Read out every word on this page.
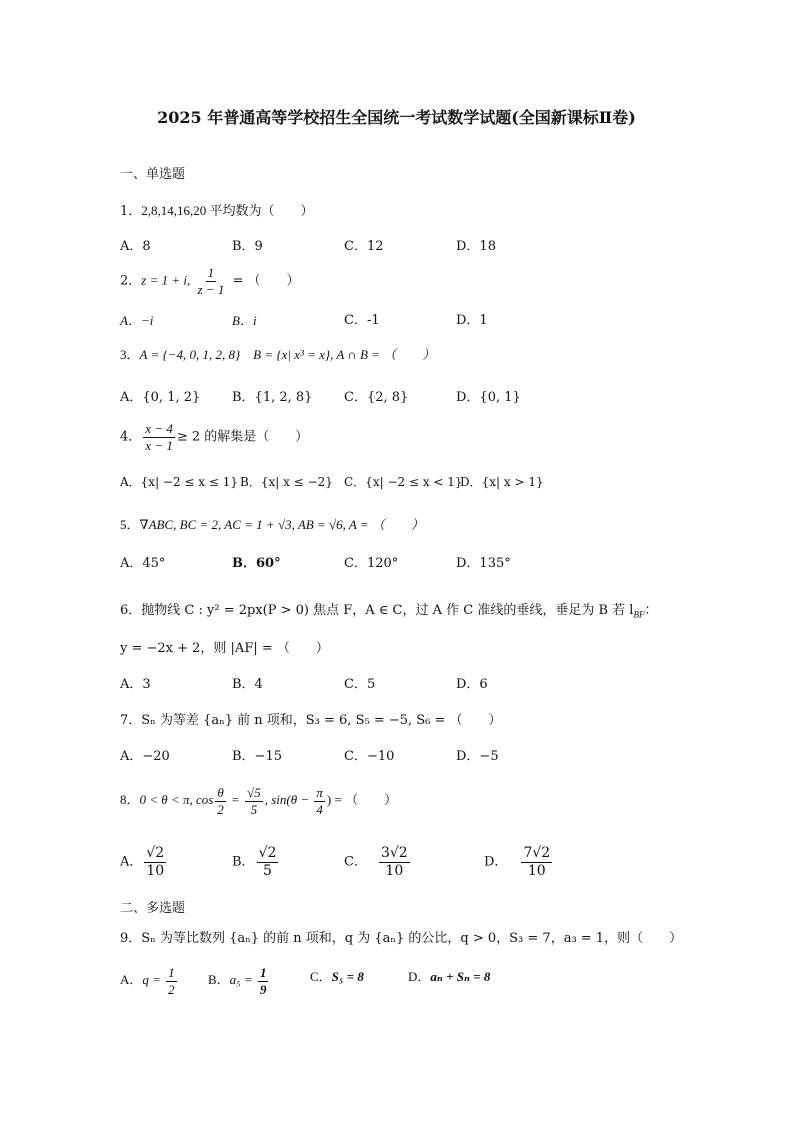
2025 年普通高等学校招生全国统一考试数学试题(全国新课标Ⅱ卷)
一、单选题
1．2,8,14,16,20 平均数为（　　）
A．8	B．9	C．12	D．18
2．z = 1 + i, $\frac{1}{z - 1}$ = （　　）
A．−i	B．i	C．-1	D．1
3．A = {−4, 0, 1, 2, 8}　B = {x| x³ = x}, A ∩ B = （　　）
A．{0, 1, 2} B．{1, 2, 8} C．{2, 8}	D．{0, 1}
4． $\frac{x - 4}{x - 1} \ge 2$ 的解集是（　　）
A．{x| −2 ≤ x ≤ 1} B．{x| x ≤ −2} C．{x| −2 ≤ x < 1}
D．{x| x > 1}
5．∇ABC, BC = 2, AC = 1 + √3, AB = √6, A = （　　）
A．45°	B．60°	C．120°	D．135°
6．抛物线 C : y² = 2px(P > 0) 焦点 F，A ∈ C，过 A 作 C 准线的垂线，垂足为 B 若 $l_{BF}$：
y = −2x + 2，则 |AF| = （　　）
A．3	B．4	C．5	D．6
7．Sₙ 为等差 {aₙ} 前 n 项和，S₃ = 6, S₅ = −5, S₆ = （　　）
A．−20	B．−15	C．−10	D．−5
8．0 < θ < π, $\cos \frac{\theta}{2} = \frac{√5}{5}$ , $\sin(\theta - \frac{\pi}{4}$ ) = （　　）
A． $\frac{√2}{10}$	B． $\frac{√2}{5}$	C． $\frac{3√2}{10}$	D． $\frac{7√2}{10}$
二、多选题
9．Sₙ 为等比数列 {aₙ} 的前 n 项和，q 为 {aₙ} 的公比，q > 0，S₃ = 7，a₃ = 1，则（　　）
A．$q = \frac{1}{2}$ B．$a_5 = \frac{1}{9}$	C．S₅ = 8	D．aₙ + Sₙ = 8
